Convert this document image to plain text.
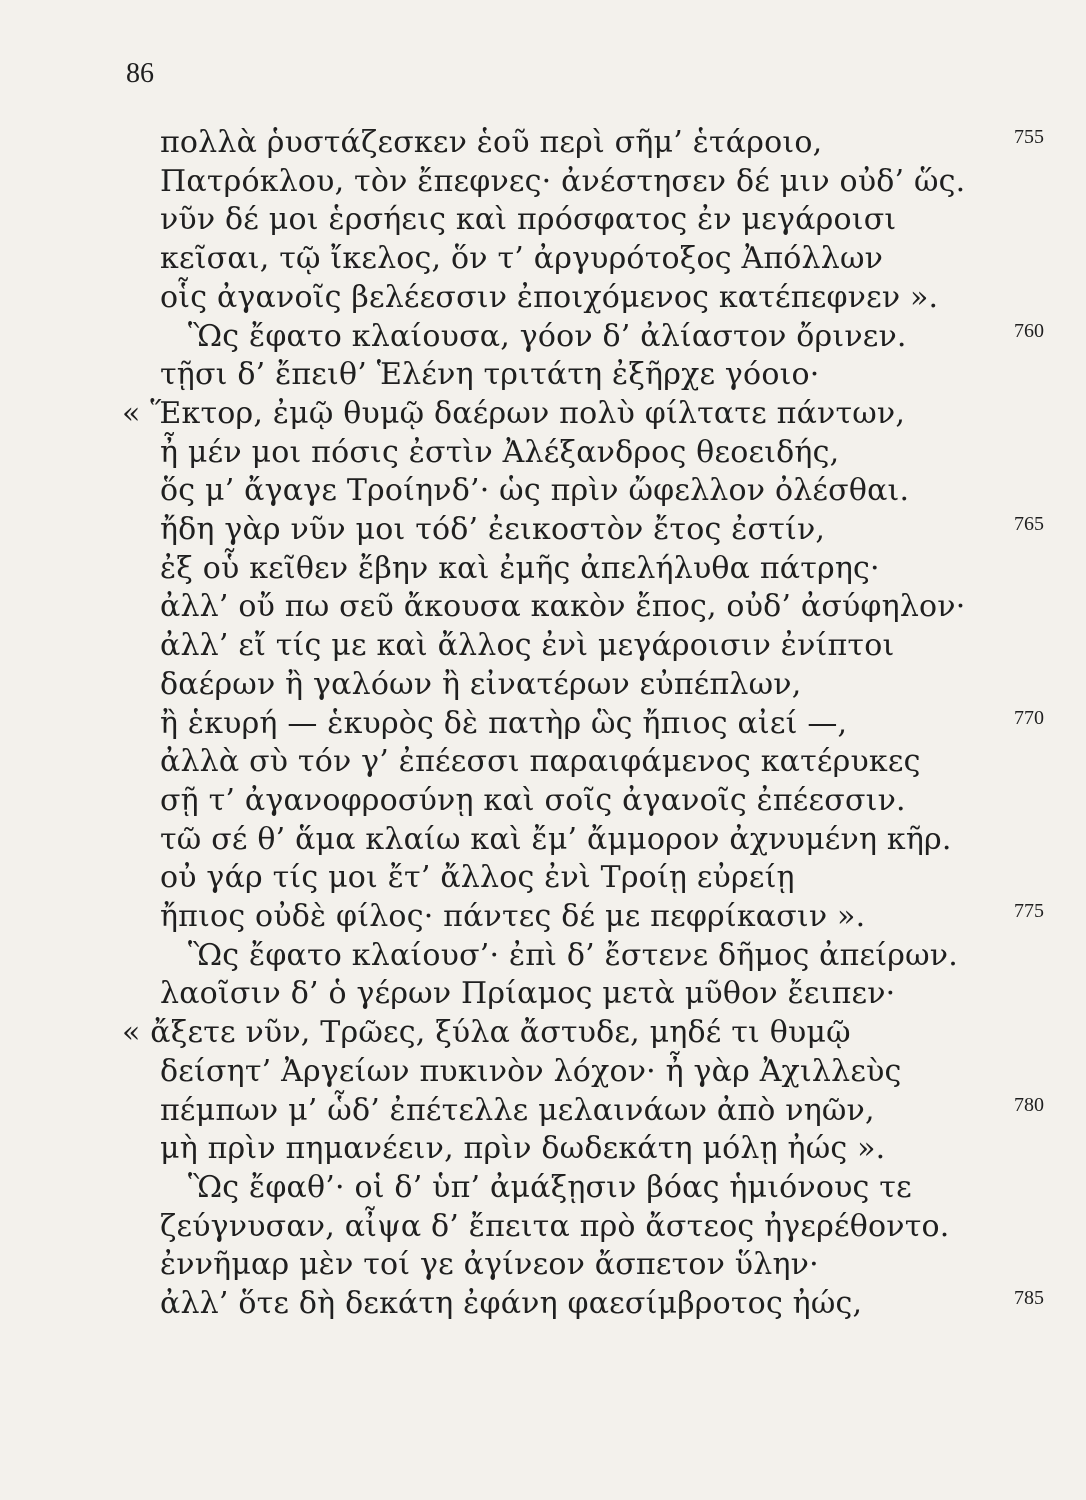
86
πολλὰ ῥυστάζεσκεν ἑοῦ περὶ σῆμ’ ἑτάροιο,	755
Πατρόκλου, τὸν ἔπεφνες· ἀνέστησεν δέ μιν οὐδ’ ὥς.
νῦν δέ μοι ἑρσήεις καὶ πρόσφατος ἐν μεγάροισι
κεῖσαι, τῷ ἴκελος, ὅν τ’ ἀργυρότοξος Ἀπόλλων
οἷς ἀγανοῖς βελέεσσιν ἐποιχόμενος κατέπεφνεν ».
Ὣς ἔφατο κλαίουσα, γόον δ’ ἀλίαστον ὄρινεν.	760
τῇσι δ’ ἔπειθ’ Ἑλένη τριτάτη ἐξῆρχε γόοιο·
« Ἕκτορ, ἐμῷ θυμῷ δαέρων πολὺ φίλτατε πάντων,
ἦ μέν μοι πόσις ἐστὶν Ἀλέξανδρος θεοειδής,
ὅς μ’ ἄγαγε Τροίηνδ’· ὡς πρὶν ὤφελλον ὀλέσθαι.
ἤδη γὰρ νῦν μοι τόδ’ ἐεικοστὸν ἔτος ἐστίν,	765
ἐξ οὗ κεῖθεν ἔβην καὶ ἐμῆς ἀπελήλυθα πάτρης·
ἀλλ’ οὔ πω σεῦ ἄκουσα κακὸν ἔπος, οὐδ’ ἀσύφηλον·
ἀλλ’ εἴ τίς με καὶ ἄλλος ἐνὶ μεγάροισιν ἐνίπτοι
δαέρων ἢ γαλόων ἢ εἰνατέρων εὐπέπλων,
ἢ ἑκυρή — ἑκυρὸς δὲ πατὴρ ὣς ἤπιος αἰεί —,	770
ἀλλὰ σὺ τόν γ’ ἐπέεσσι παραιφάμενος κατέρυκες
σῇ τ’ ἀγανοφροσύνῃ καὶ σοῖς ἀγανοῖς ἐπέεσσιν.
τῶ σέ θ’ ἅμα κλαίω καὶ ἔμ’ ἄμμορον ἀχνυμένη κῆρ.
οὐ γάρ τίς μοι ἔτ’ ἄλλος ἐνὶ Τροίῃ εὐρείῃ
ἤπιος οὐδὲ φίλος· πάντες δέ με πεφρίκασιν ».	775
Ὣς ἔφατο κλαίουσ’· ἐπὶ δ’ ἔστενε δῆμος ἀπείρων.
λαοῖσιν δ’ ὁ γέρων Πρίαμος μετὰ μῦθον ἔειπεν·
« ἄξετε νῦν, Τρῶες, ξύλα ἄστυδε, μηδέ τι θυμῷ
δείσητ’ Ἀργείων πυκινὸν λόχον· ἦ γὰρ Ἀχιλλεὺς
πέμπων μ’ ὧδ’ ἐπέτελλε μελαινάων ἀπὸ νηῶν,	780
μὴ πρὶν πημανέειν, πρὶν δωδεκάτη μόλῃ ἠώς ».
Ὣς ἔφαθ’· οἱ δ’ ὑπ’ ἀμάξῃσιν βόας ἡμιόνους τε
ζεύγνυσαν, αἶψα δ’ ἔπειτα πρὸ ἄστεος ἠγερέθοντο.
ἐννῆμαρ μὲν τοί γε ἀγίνεον ἄσπετον ὕλην·
ἀλλ’ ὅτε δὴ δεκάτη ἐφάνη φαεσίμβροτος ἠώς,	785
